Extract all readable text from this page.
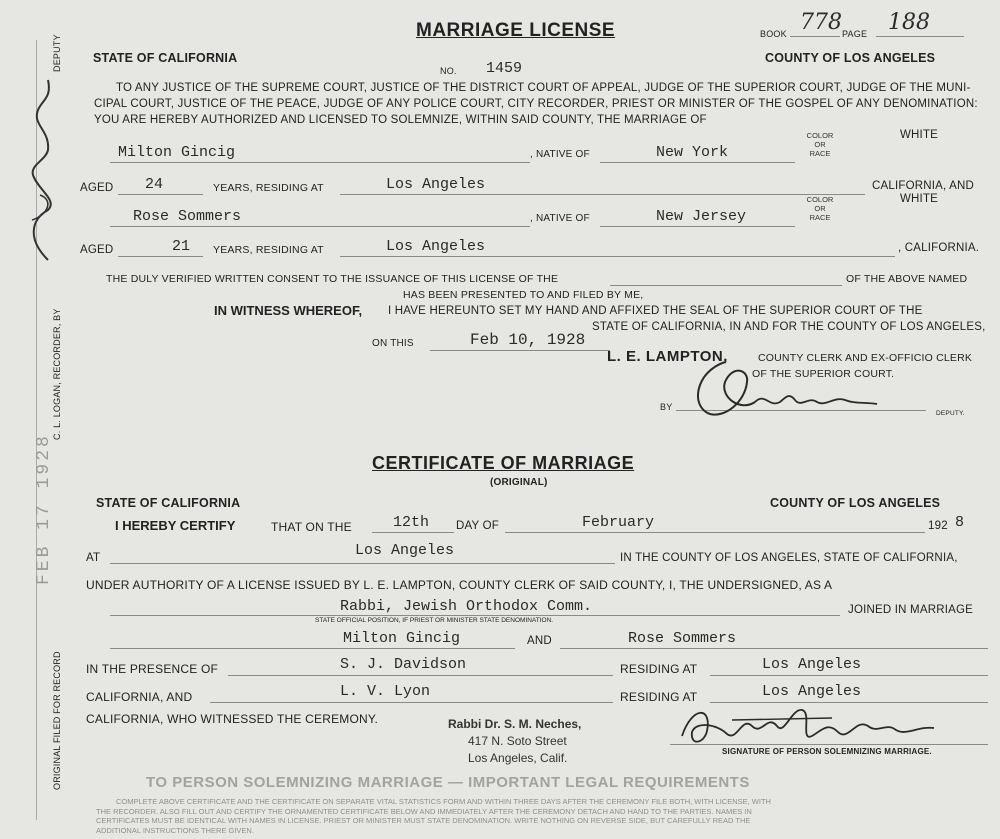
C. L. LOGAN, RECORDER, BY
DEPUTY
ORIGINAL FILED FOR RECORD
FEB 17 1928
BOOK 778 PAGE 188
MARRIAGE LICENSE
STATE OF CALIFORNIA	COUNTY OF LOS ANGELES
NO. 1459
TO ANY JUSTICE OF THE SUPREME COURT, JUSTICE OF THE DISTRICT COURT OF APPEAL, JUDGE OF THE SUPERIOR COURT, JUDGE OF THE MUNI-
CIPAL COURT, JUSTICE OF THE PEACE, JUDGE OF ANY POLICE COURT, CITY RECORDER, PRIEST OR MINISTER OF THE GOSPEL OF ANY DENOMINATION:
YOU ARE HEREBY AUTHORIZED AND LICENSED TO SOLEMNIZE, WITHIN SAID COUNTY, THE MARRIAGE OF
Milton Gincig	, NATIVE OF	New York
COLOR
OR
RACE
WHITE
AGED 24	YEARS, RESIDING AT	Los Angeles	CALIFORNIA, AND
Rose Sommers	, NATIVE OF	New Jersey
COLOR
OR
RACE
WHITE
AGED	21 YEARS, RESIDING AT	Los Angeles	, CALIFORNIA.
THE DULY VERIFIED WRITTEN CONSENT TO THE ISSUANCE OF THIS LICENSE OF THE	OF THE ABOVE NAMED
HAS BEEN PRESENTED TO AND FILED BY ME,
IN WITNESS WHEREOF, I HAVE HEREUNTO SET MY HAND AND AFFIXED THE SEAL OF THE SUPERIOR COURT OF THE
STATE OF CALIFORNIA, IN AND FOR THE COUNTY OF LOS ANGELES,
ON THIS	Feb 10, 1928
L. E. LAMPTON,	COUNTY CLERK AND EX-OFFICIO CLERK
OF THE SUPERIOR COURT.
BY
DEPUTY.
CERTIFICATE OF MARRIAGE
(ORIGINAL)
STATE OF CALIFORNIA	COUNTY OF LOS ANGELES
I HEREBY CERTIFY	THAT ON THE	12th DAY OF	February	192 8
AT	Los Angeles	IN THE COUNTY OF LOS ANGELES, STATE OF CALIFORNIA,
UNDER AUTHORITY OF A LICENSE ISSUED BY L. E. LAMPTON, COUNTY CLERK OF SAID COUNTY, I, THE UNDERSIGNED, AS A
Rabbi, Jewish Orthodox Comm.	JOINED IN MARRIAGE
STATE OFFICIAL POSITION, IF PRIEST OR MINISTER STATE DENOMINATION.
Milton Gincig	AND	Rose Sommers
IN THE PRESENCE OF	S. J. Davidson	RESIDING AT	Los Angeles
CALIFORNIA, AND	L. V. Lyon	RESIDING AT	Los Angeles
CALIFORNIA, WHO WITNESSED THE CEREMONY.	Rabbi Dr. S. M. Neches,
417 N. Soto Street
Los Angeles, Calif.	SIGNATURE OF PERSON SOLEMNIZING MARRIAGE.
TO PERSON SOLEMNIZING MARRIAGE — IMPORTANT LEGAL REQUIREMENTS
COMPLETE ABOVE CERTIFICATE AND THE CERTIFICATE ON SEPARATE VITAL STATISTICS FORM AND WITHIN THREE DAYS AFTER THE CEREMONY FILE BOTH, WITH LICENSE, WITH
THE RECORDER. ALSO FILL OUT AND CERTIFY THE ORNAMENTED CERTIFICATE BELOW AND IMMEDIATELY AFTER THE CEREMONY DETACH AND HAND TO THE PARTIES. NAMES IN
CERTIFICATES MUST BE IDENTICAL WITH NAMES IN LICENSE. PRIEST OR MINISTER MUST STATE DENOMINATION. WRITE NOTHING ON REVERSE SIDE, BUT CAREFULLY READ THE
ADDITIONAL INSTRUCTIONS THERE GIVEN.
